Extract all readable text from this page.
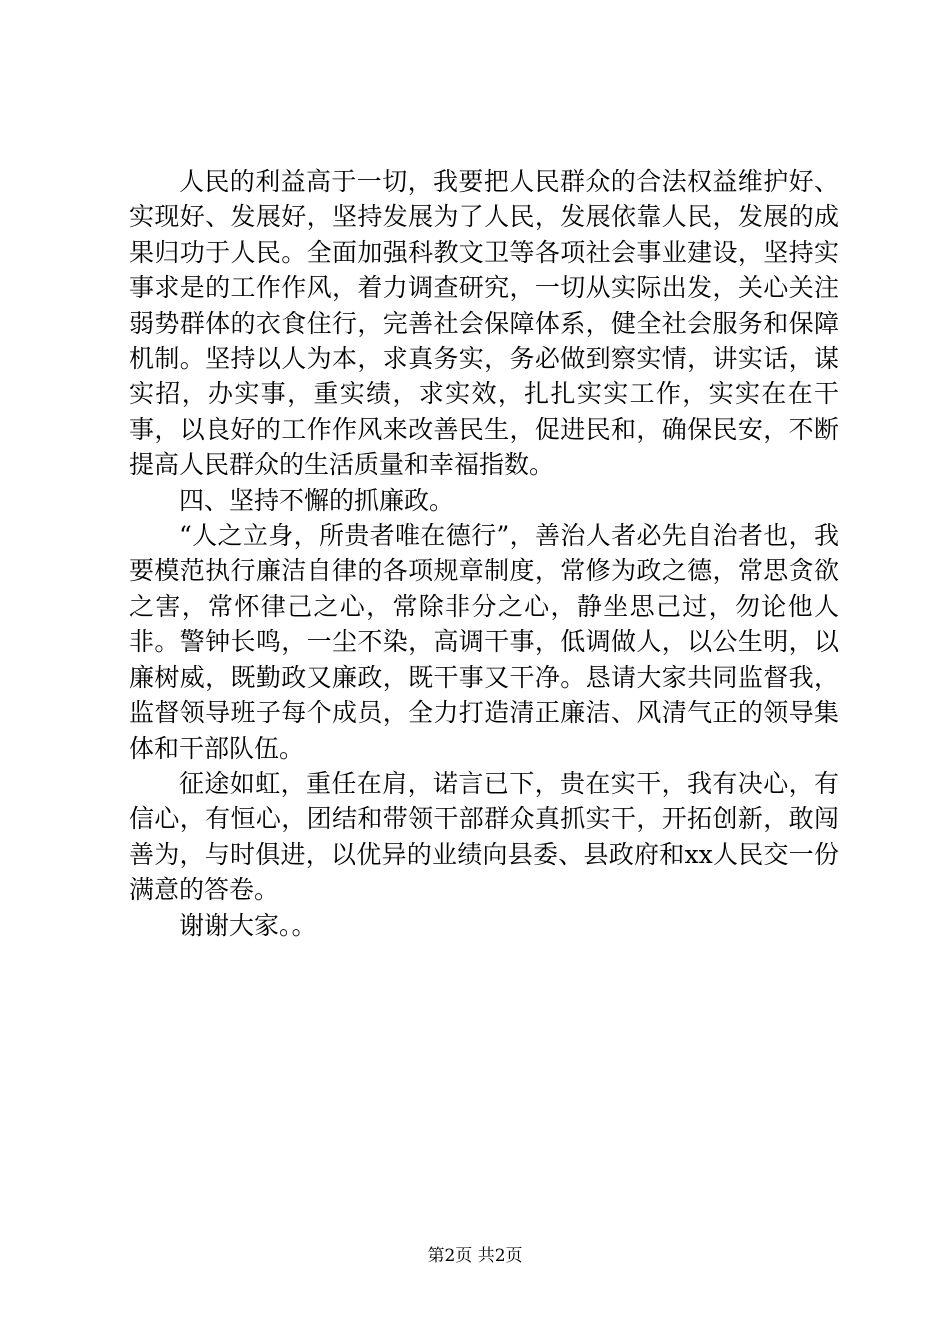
人民的利益高于一切，我要把人民群众的合法权益维护好、实现好、发展好，坚持发展为了人民，发展依靠人民，发展的成果归功于人民。全面加强科教文卫等各项社会事业建设，坚持实事求是的工作作风，着力调查研究，一切从实际出发，关心关注弱势群体的衣食住行，完善社会保障体系，健全社会服务和保障机制。坚持以人为本，求真务实，务必做到察实情，讲实话，谋实招，办实事，重实绩，求实效，扎扎实实工作，实实在在干事，以良好的工作作风来改善民生，促进民和，确保民安，不断提高人民群众的生活质量和幸福指数。

四、坚持不懈的抓廉政。

“人之立身，所贵者唯在德行”，善治人者必先自治者也，我要模范执行廉洁自律的各项规章制度，常修为政之德，常思贪欲之害，常怀律己之心，常除非分之心，静坐思己过，勿论他人非。警钟长鸣，一尘不染，高调干事，低调做人，以公生明，以廉树威，既勤政又廉政，既干事又干净。恳请大家共同监督我，监督领导班子每个成员，全力打造清正廉洁、风清气正的领导集体和干部队伍。

征途如虹，重任在肩，诺言已下，贵在实干，我有决心，有信心，有恒心，团结和带领干部群众真抓实干，开拓创新，敢闯善为，与时俱进，以优异的业绩向县委、县政府和xx人民交一份满意的答卷。

谢谢大家。。

第2页 共2页
